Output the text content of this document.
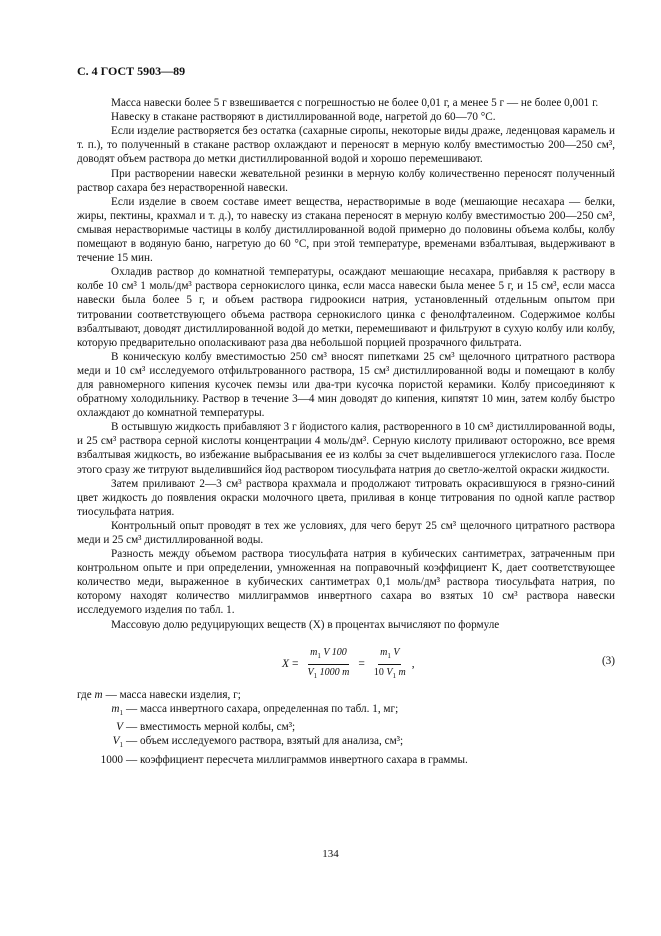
С. 4 ГОСТ 5903—89

Масса навески более 5 г взвешивается с погрешностью не более 0,01 г, а менее 5 г — не более 0,001 г.

Навеску в стакане растворяют в дистиллированной воде, нагретой до 60—70 °С.

Если изделие растворяется без остатка (сахарные сиропы, некоторые виды драже, леденцовая карамель и т. п.), то полученный в стакане раствор охлаждают и переносят в мерную колбу вместимостью 200—250 см³, доводят объем раствора до метки дистиллированной водой и хорошо перемешивают.

При растворении навески жевательной резинки в мерную колбу количественно переносят полученный раствор сахара без нерастворенной навески.

Если изделие в своем составе имеет вещества, нерастворимые в воде (мешающие несахара — белки, жиры, пектины, крахмал и т. д.), то навеску из стакана переносят в мерную колбу вместимостью 200—250 см³, смывая нерастворимые частицы в колбу дистиллированной водой примерно до половины объема колбы, колбу помещают в водяную баню, нагретую до 60 °С, при этой температуре, временами взбалтывая, выдерживают в течение 15 мин.

Охладив раствор до комнатной температуры, осаждают мешающие несахара, прибавляя к раствору в колбе 10 см³ 1 моль/дм³ раствора сернокислого цинка, если масса навески была менее 5 г, и 15 см³, если масса навески была более 5 г, и объем раствора гидроокиси натрия, установленный отдельным опытом при титровании соответствующего объема раствора сернокислого цинка с фенолфталеином. Содержимое колбы взбалтывают, доводят дистиллированной водой до метки, перемешивают и фильтруют в сухую колбу или колбу, которую предварительно ополаскивают раза два небольшой порцией прозрачного фильтрата.

В коническую колбу вместимостью 250 см³ вносят пипетками 25 см³ щелочного цитратного раствора меди и 10 см³ исследуемого отфильтрованного раствора, 15 см³ дистиллированной воды и помещают в колбу для равномерного кипения кусочек пемзы или два-три кусочка пористой керамики. Колбу присоединяют к обратному холодильнику. Раствор в течение 3—4 мин доводят до кипения, кипятят 10 мин, затем колбу быстро охлаждают до комнатной температуры.

В остывшую жидкость прибавляют 3 г йодистого калия, растворенного в 10 см³ дистиллированной воды, и 25 см³ раствора серной кислоты концентрации 4 моль/дм³. Серную кислоту приливают осторожно, все время взбалтывая жидкость, во избежание выбрасывания ее из колбы за счет выделившегося углекислого газа. После этого сразу же титруют выделившийся йод раствором тиосульфата натрия до светло-желтой окраски жидкости.

Затем приливают 2—3 см³ раствора крахмала и продолжают титровать окрасившуюся в грязно-синий цвет жидкость до появления окраски молочного цвета, приливая в конце титрования по одной капле раствор тиосульфата натрия.

Контрольный опыт проводят в тех же условиях, для чего берут 25 см³ щелочного цитратного раствора меди и 25 см³ дистиллированной воды.

Разность между объемом раствора тиосульфата натрия в кубических сантиметрах, затраченным при контрольном опыте и при определении, умноженная на поправочный коэффициент K, дает соответствующее количество меди, выраженное в кубических сантиметрах 0,1 моль/дм³ раствора тиосульфата натрия, по которому находят количество миллиграммов инвертного сахара во взятых 10 см³ раствора навески исследуемого изделия по табл. 1.

Массовую долю редуцирующих веществ (X) в процентах вычисляют по формуле

$X = \frac{m_1 V 100}{V_1 1000 m} = \frac{m_1 V}{10 V_1 m}$ ,	(3)
где m — масса навески изделия, г;
$m_1$ — масса инвертного сахара, определенная по табл. 1, мг;
V — вместимость мерной колбы, см³;
$V_1$ — объем исследуемого раствора, взятый для анализа, см³;
1000 — коэффициент пересчета миллиграммов инвертного сахара в граммы.
134
